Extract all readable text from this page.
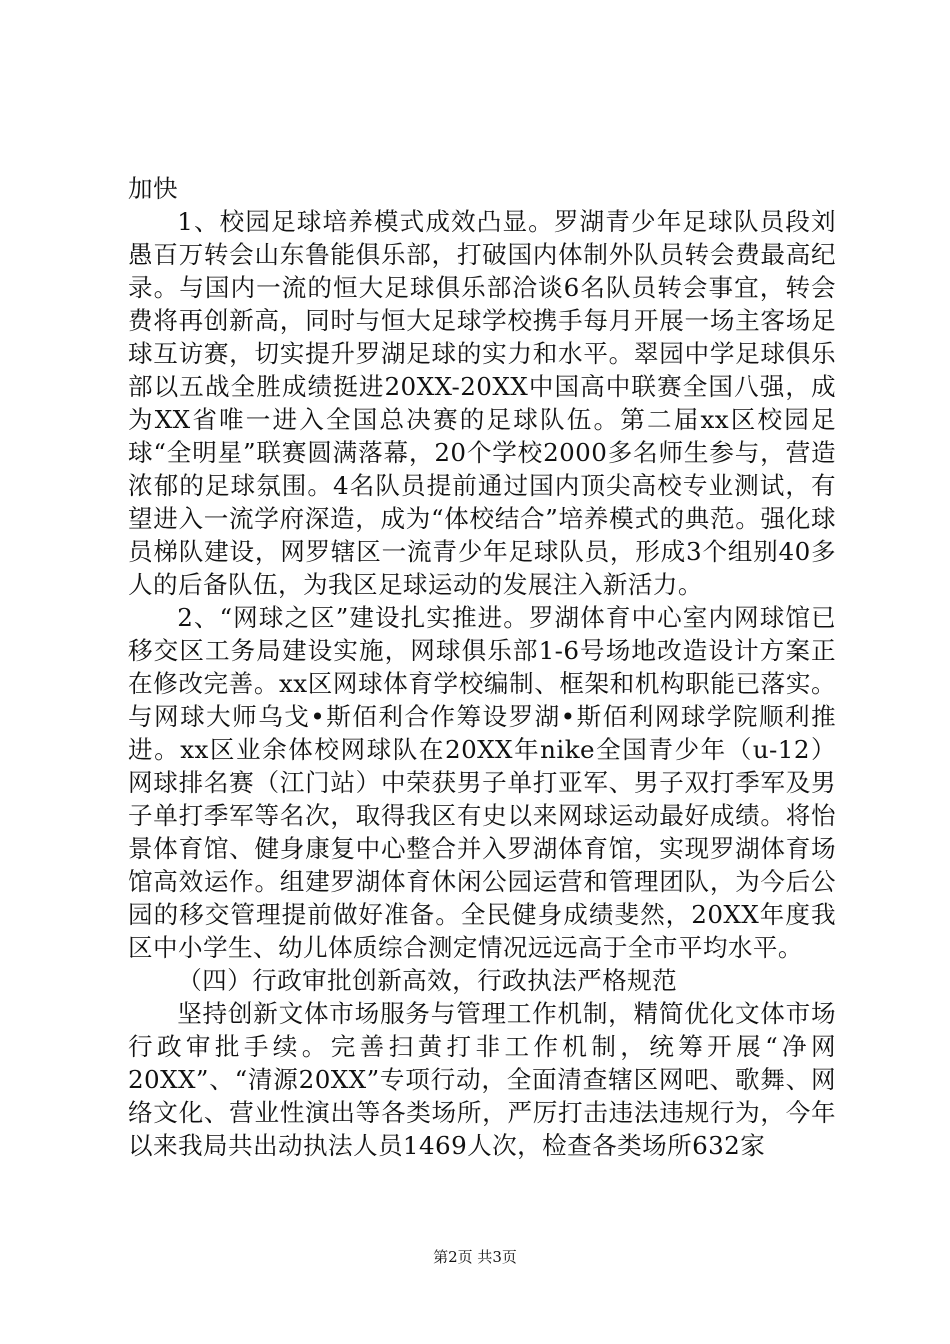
加快

1、校园足球培养模式成效凸显。罗湖青少年足球队员段刘愚百万转会山东鲁能俱乐部，打破国内体制外队员转会费最高纪录。与国内一流的恒大足球俱乐部洽谈6名队员转会事宜，转会费将再创新高，同时与恒大足球学校携手每月开展一场主客场足球互访赛，切实提升罗湖足球的实力和水平。翠园中学足球俱乐部以五战全胜成绩挺进20XX-20XX中国高中联赛全国八强，成为XX省唯一进入全国总决赛的足球队伍。第二届xx区校园足球“全明星”联赛圆满落幕，20个学校2000多名师生参与，营造浓郁的足球氛围。4名队员提前通过国内顶尖高校专业测试，有望进入一流学府深造，成为“体校结合”培养模式的典范。强化球员梯队建设，网罗辖区一流青少年足球队员，形成3个组别40多人的后备队伍，为我区足球运动的发展注入新活力。

2、“网球之区”建设扎实推进。罗湖体育中心室内网球馆已移交区工务局建设实施，网球俱乐部1-6号场地改造设计方案正在修改完善。xx区网球体育学校编制、框架和机构职能已落实。与网球大师乌戈•斯佰利合作筹设罗湖•斯佰利网球学院顺利推进。xx区业余体校网球队在20XX年nike全国青少年（u-12）网球排名赛（江门站）中荣获男子单打亚军、男子双打季军及男子单打季军等名次，取得我区有史以来网球运动最好成绩。将怡景体育馆、健身康复中心整合并入罗湖体育馆，实现罗湖体育场馆高效运作。组建罗湖体育休闲公园运营和管理团队，为今后公园的移交管理提前做好准备。全民健身成绩斐然，20XX年度我区中小学生、幼儿体质综合测定情况远远高于全市平均水平。

（四）行政审批创新高效，行政执法严格规范

坚持创新文体市场服务与管理工作机制，精简优化文体市场行政审批手续。完善扫黄打非工作机制，统筹开展“净网20XX”、“清源20XX”专项行动，全面清查辖区网吧、歌舞、网络文化、营业性演出等各类场所，严厉打击违法违规行为，今年以来我局共出动执法人员1469人次，检查各类场所632家

第2页 共3页
